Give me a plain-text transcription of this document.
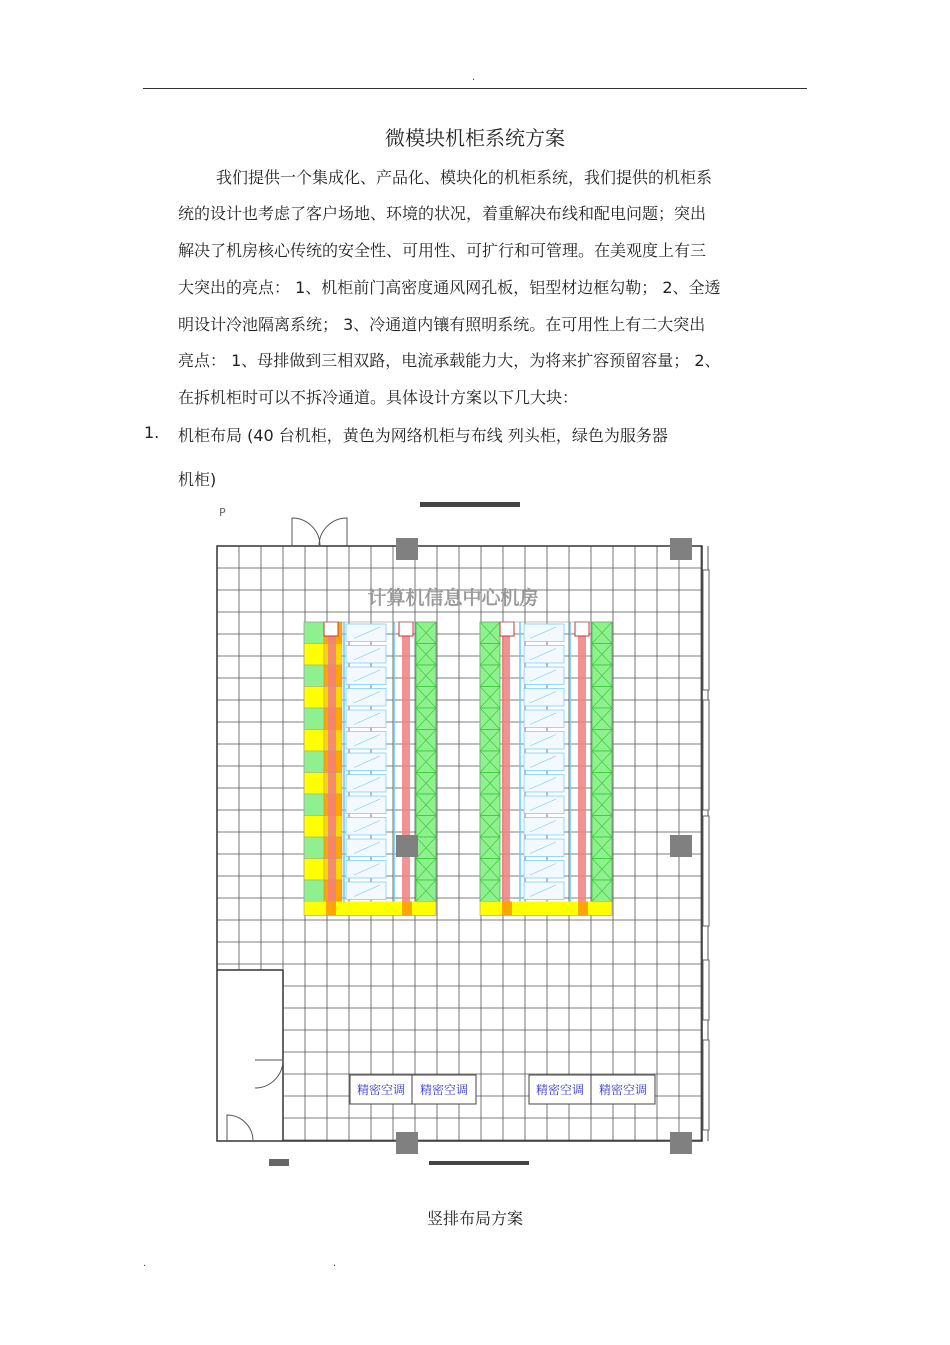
.
微模块机柜系统方案
我们提供一个集成化、产品化、模块化的机柜系统，我们提供的机柜系
统的设计也考虑了客户场地、环境的状况，着重解决布线和配电问题；突出
解决了机房核心传统的安全性、可用性、可扩行和可管理。在美观度上有三
大突出的亮点： 1、机柜前门高密度通风网孔板，铝型材边框勾勒； 2、全透
明设计冷池隔离系统； 3、冷通道内镶有照明系统。在可用性上有二大突出
亮点： 1、母排做到三相双路，电流承载能力大，为将来扩容预留容量； 2、
在拆机柜时可以不拆冷通道。具体设计方案以下几大块：
1. 机柜布局 (40 台机柜，黄色为网络机柜与布线 列头柜，绿色为服务器
机柜)
计算机信息中心机房
P
精密空调 精密空调	精密空调 精密空调
竖排布局方案
.	.
